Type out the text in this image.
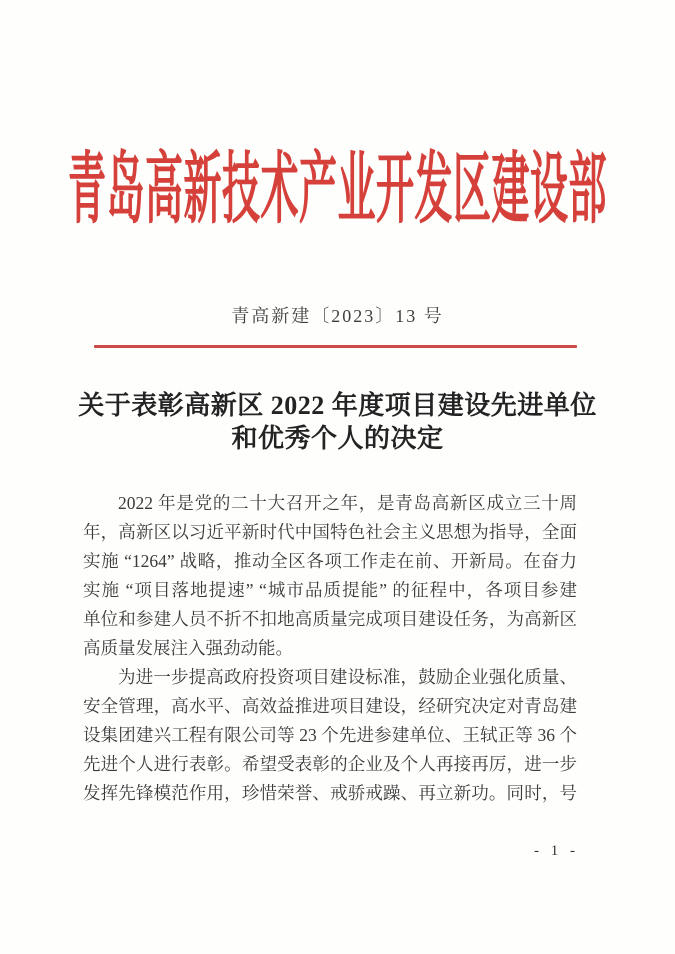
青岛高新技术产业开发区建设部
青高新建〔2023〕13 号
关于表彰高新区 2022 年度项目建设先进单位
和优秀个人的决定
2022 年是党的二十大召开之年，是青岛高新区成立三十周
年，高新区以习近平新时代中国特色社会主义思想为指导，全面
实施 “1264” 战略，推动全区各项工作走在前、开新局。在奋力
实施 “项目落地提速” “城市品质提能” 的征程中，各项目参建
单位和参建人员不折不扣地高质量完成项目建设任务，为高新区
高质量发展注入强劲动能。
为进一步提高政府投资项目建设标准，鼓励企业强化质量、
安全管理，高水平、高效益推进项目建设，经研究决定对青岛建
设集团建兴工程有限公司等 23 个先进参建单位、王轼正等 36 个
先进个人进行表彰。希望受表彰的企业及个人再接再厉，进一步
发挥先锋模范作用，珍惜荣誉、戒骄戒躁、再立新功。同时，号
- 1 -
